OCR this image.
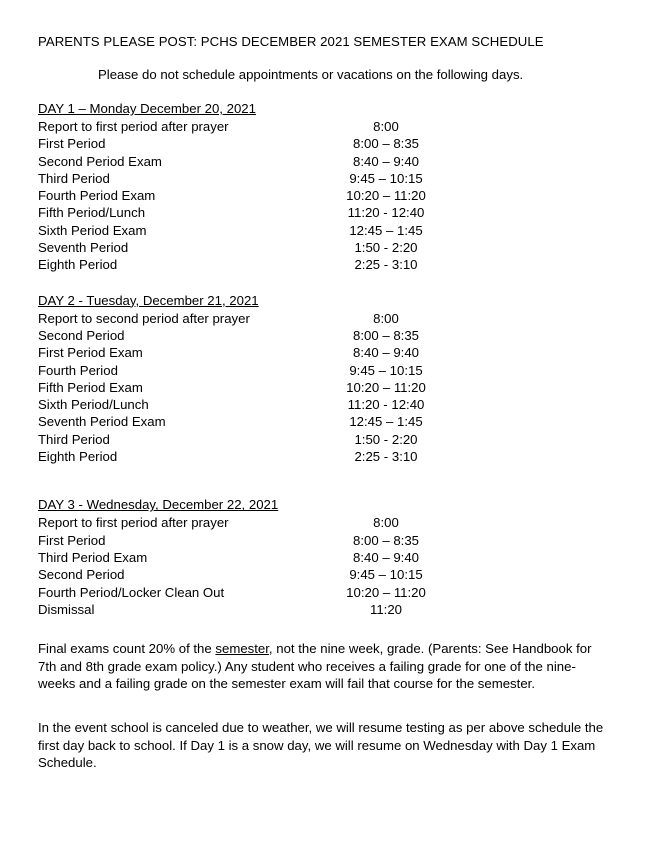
PARENTS PLEASE POST: PCHS DECEMBER 2021 SEMESTER EXAM SCHEDULE
Please do not schedule appointments or vacations on the following days.
DAY 1 – Monday December 20, 2021
Report to first period after prayer	8:00	
First Period	8:00 – 8:35	
Second Period Exam	8:40 – 9:40	
Third Period	9:45 – 10:15	
Fourth Period Exam	10:20 – 11:20	
Fifth Period/Lunch	11:20 - 12:40	
Sixth Period Exam	12:45 – 1:45	
Seventh Period	1:50 - 2:20	
Eighth Period	2:25 - 3:10	
DAY 2 - Tuesday, December 21, 2021
Report to second period after prayer	8:00	
Second Period	8:00 – 8:35	
First Period Exam	8:40 – 9:40	
Fourth Period	9:45 – 10:15	
Fifth Period Exam	10:20 – 11:20	
Sixth Period/Lunch	11:20 - 12:40	
Seventh Period Exam	12:45 – 1:45	
Third Period	1:50 - 2:20	
Eighth Period	2:25 - 3:10	
DAY 3 - Wednesday, December 22, 2021
Report to first period after prayer	8:00	
First Period	8:00 – 8:35	
Third Period Exam	8:40 – 9:40	
Second Period	9:45 – 10:15	
Fourth Period/Locker Clean Out	10:20 – 11:20	
Dismissal	11:20	
Final exams count 20% of the semester, not the nine week, grade. (Parents: See Handbook for 7th and 8th grade exam policy.) Any student who receives a failing grade for one of the nine-weeks and a failing grade on the semester exam will fail that course for the semester.
In the event school is canceled due to weather, we will resume testing as per above schedule the first day back to school. If Day 1 is a snow day, we will resume on Wednesday with Day 1 Exam Schedule.
